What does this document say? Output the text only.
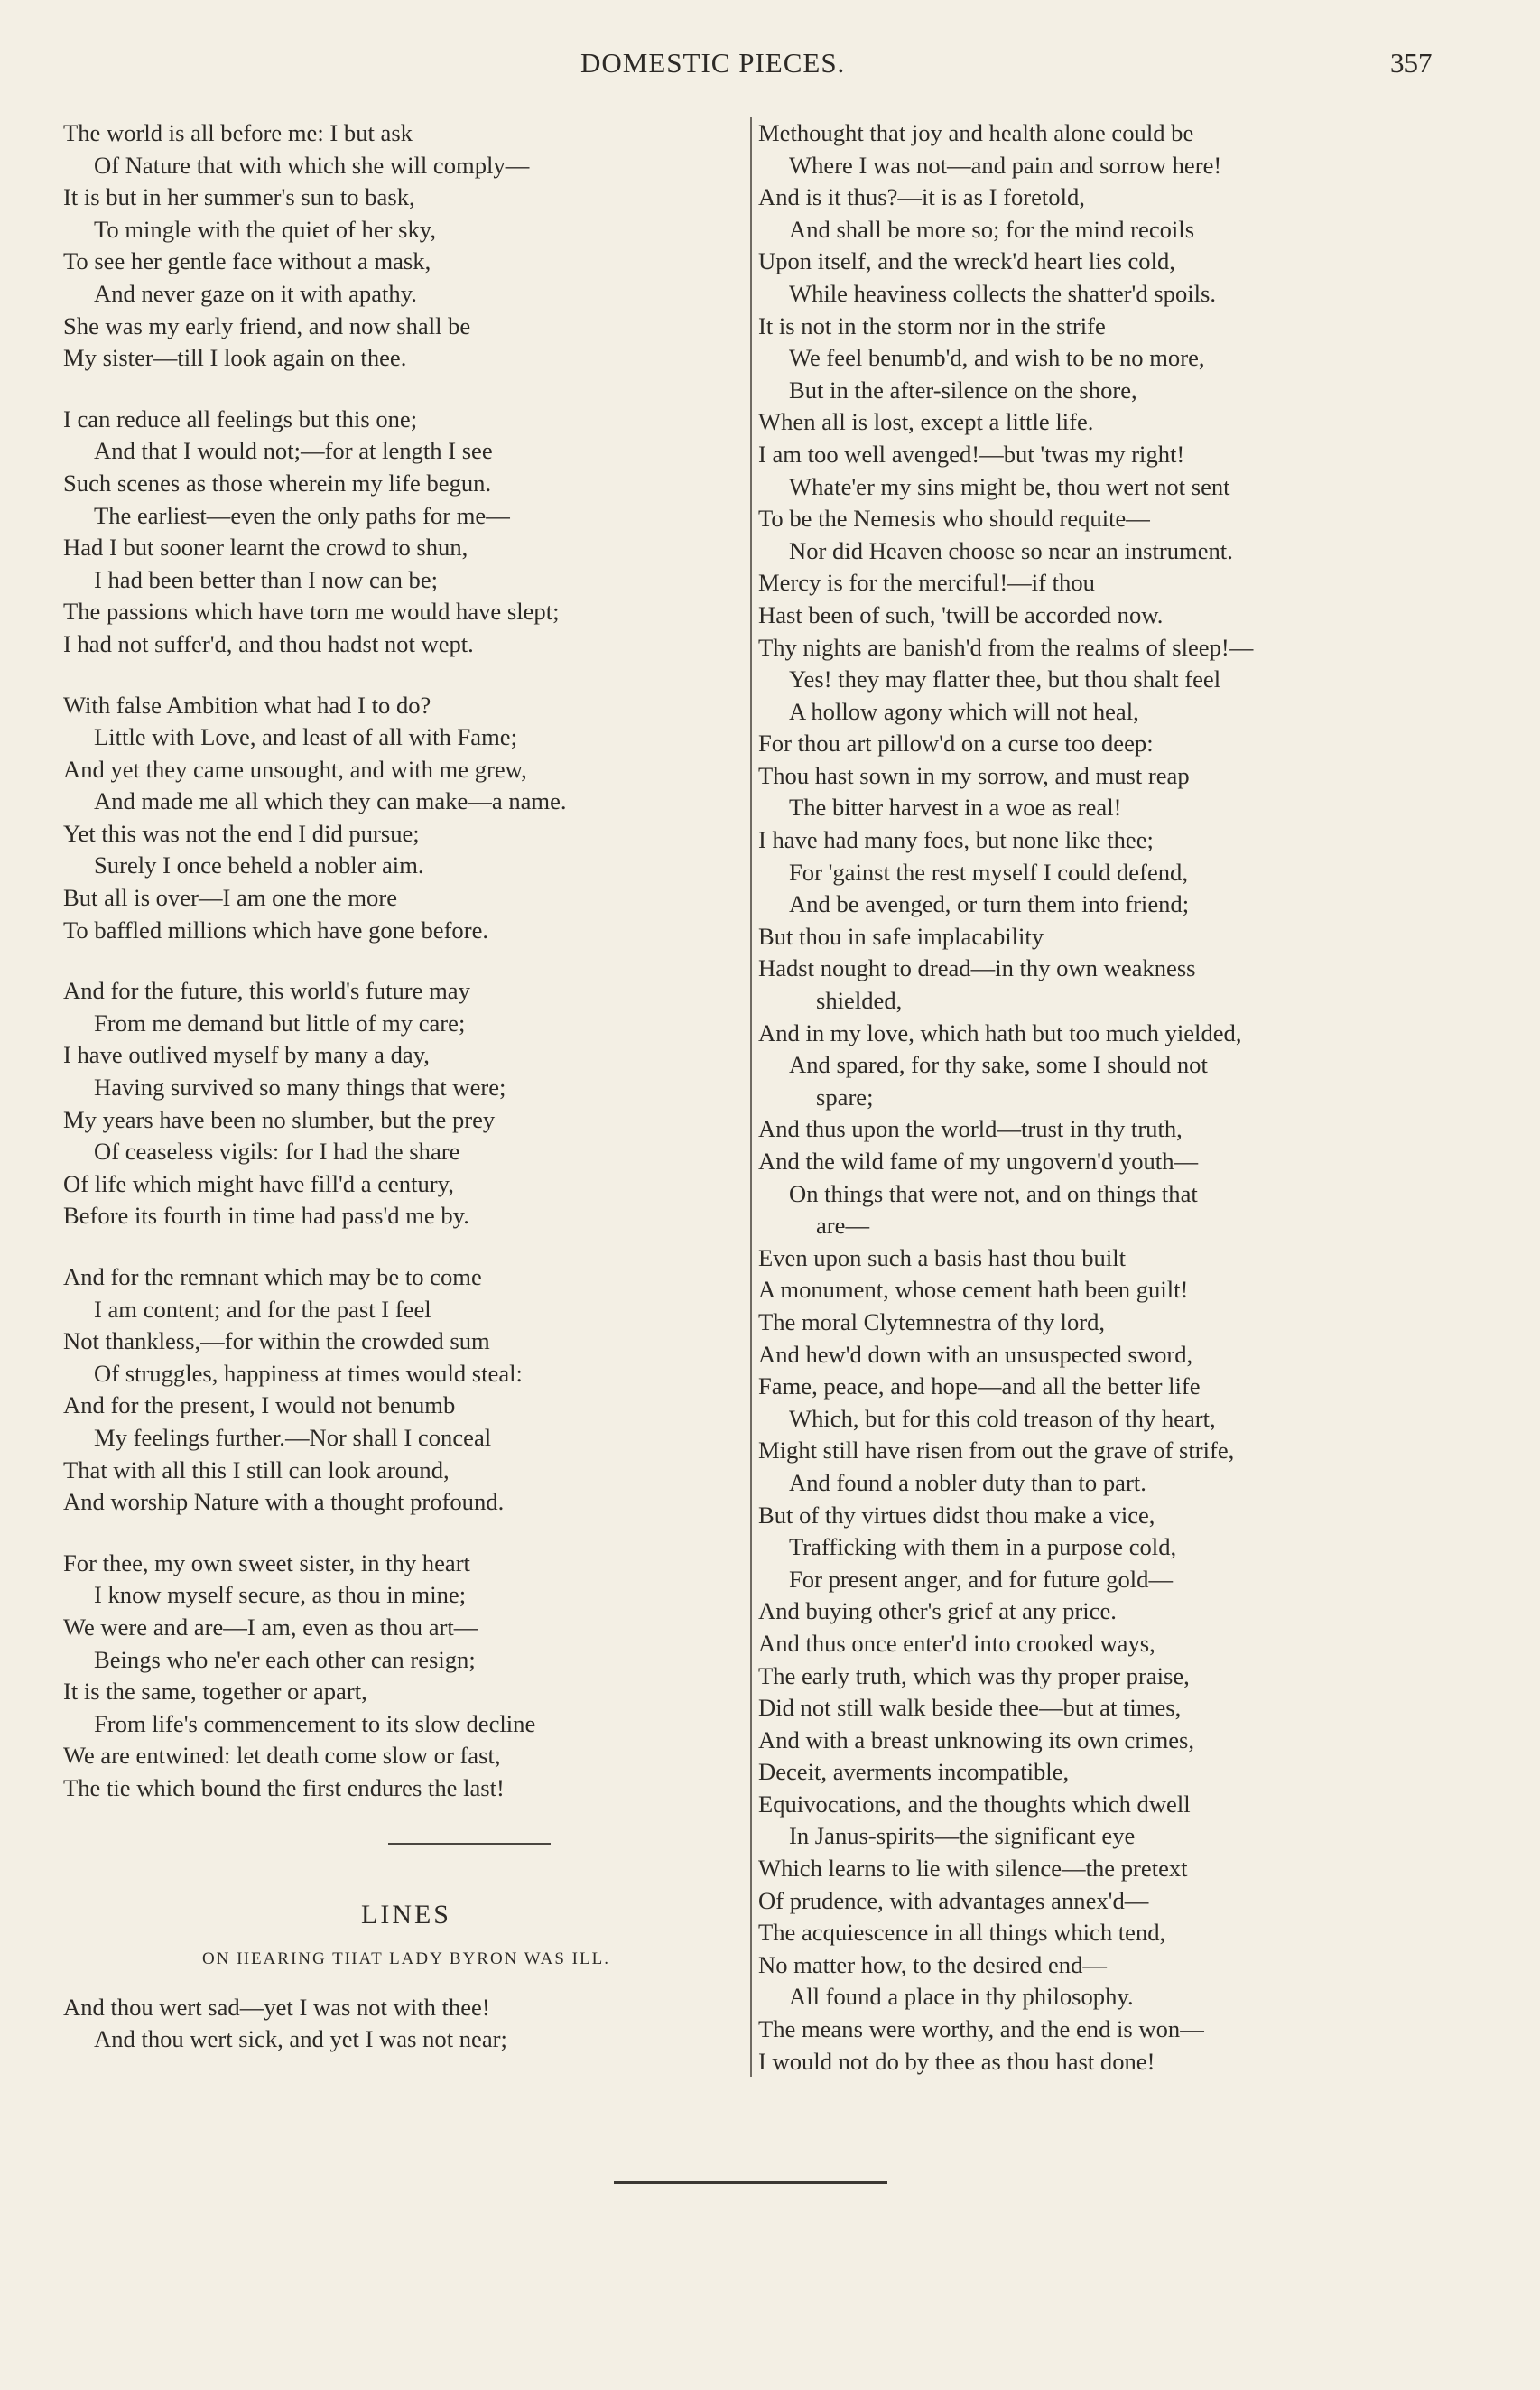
DOMESTIC PIECES.	357
The world is all before me: I but ask
Of Nature that with which she will comply—
It is but in her summer's sun to bask,
To mingle with the quiet of her sky,
To see her gentle face without a mask,
And never gaze on it with apathy.
She was my early friend, and now shall be
My sister—till I look again on thee.
I can reduce all feelings but this one;
And that I would not;—for at length I see
Such scenes as those wherein my life begun.
The earliest—even the only paths for me—
Had I but sooner learnt the crowd to shun,
I had been better than I now can be;
The passions which have torn me would have slept;
I had not suffer'd, and thou hadst not wept.
With false Ambition what had I to do?
Little with Love, and least of all with Fame;
And yet they came unsought, and with me grew,
And made me all which they can make—a name.
Yet this was not the end I did pursue;
Surely I once beheld a nobler aim.
But all is over—I am one the more
To baffled millions which have gone before.
And for the future, this world's future may
From me demand but little of my care;
I have outlived myself by many a day,
Having survived so many things that were;
My years have been no slumber, but the prey
Of ceaseless vigils: for I had the share
Of life which might have fill'd a century,
Before its fourth in time had pass'd me by.
And for the remnant which may be to come
I am content; and for the past I feel
Not thankless,—for within the crowded sum
Of struggles, happiness at times would steal:
And for the present, I would not benumb
My feelings further.—Nor shall I conceal
That with all this I still can look around,
And worship Nature with a thought profound.
For thee, my own sweet sister, in thy heart
I know myself secure, as thou in mine;
We were and are—I am, even as thou art—
Beings who ne'er each other can resign;
It is the same, together or apart,
From life's commencement to its slow decline
We are entwined: let death come slow or fast,
The tie which bound the first endures the last!
LINES
ON HEARING THAT LADY BYRON WAS ILL.
And thou wert sad—yet I was not with thee!
And thou wert sick, and yet I was not near;
Methought that joy and health alone could be
Where I was not—and pain and sorrow here!
And is it thus?—it is as I foretold,
And shall be more so; for the mind recoils
Upon itself, and the wreck'd heart lies cold,
While heaviness collects the shatter'd spoils.
It is not in the storm nor in the strife
We feel benumb'd, and wish to be no more,
But in the after-silence on the shore,
When all is lost, except a little life.
I am too well avenged!—but 'twas my right!
Whate'er my sins might be, thou wert not sent
To be the Nemesis who should requite—
Nor did Heaven choose so near an instrument.
Mercy is for the merciful!—if thou
Hast been of such, 'twill be accorded now.
Thy nights are banish'd from the realms of sleep!—
Yes! they may flatter thee, but thou shalt feel
A hollow agony which will not heal,
For thou art pillow'd on a curse too deep:
Thou hast sown in my sorrow, and must reap
The bitter harvest in a woe as real!
I have had many foes, but none like thee;
For 'gainst the rest myself I could defend,
And be avenged, or turn them into friend;
But thou in safe implacability
Hadst nought to dread—in thy own weakness
shielded,
And in my love, which hath but too much yielded,
And spared, for thy sake, some I should not
spare;
And thus upon the world—trust in thy truth,
And the wild fame of my ungovern'd youth—
On things that were not, and on things that
are—
Even upon such a basis hast thou built
A monument, whose cement hath been guilt!
The moral Clytemnestra of thy lord,
And hew'd down with an unsuspected sword,
Fame, peace, and hope—and all the better life
Which, but for this cold treason of thy heart,
Might still have risen from out the grave of strife,
And found a nobler duty than to part.
But of thy virtues didst thou make a vice,
Trafficking with them in a purpose cold,
For present anger, and for future gold—
And buying other's grief at any price.
And thus once enter'd into crooked ways,
The early truth, which was thy proper praise,
Did not still walk beside thee—but at times,
And with a breast unknowing its own crimes,
Deceit, averments incompatible,
Equivocations, and the thoughts which dwell
In Janus-spirits—the significant eye
Which learns to lie with silence—the pretext
Of prudence, with advantages annex'd—
The acquiescence in all things which tend,
No matter how, to the desired end—
All found a place in thy philosophy.
The means were worthy, and the end is won—
I would not do by thee as thou hast done!
